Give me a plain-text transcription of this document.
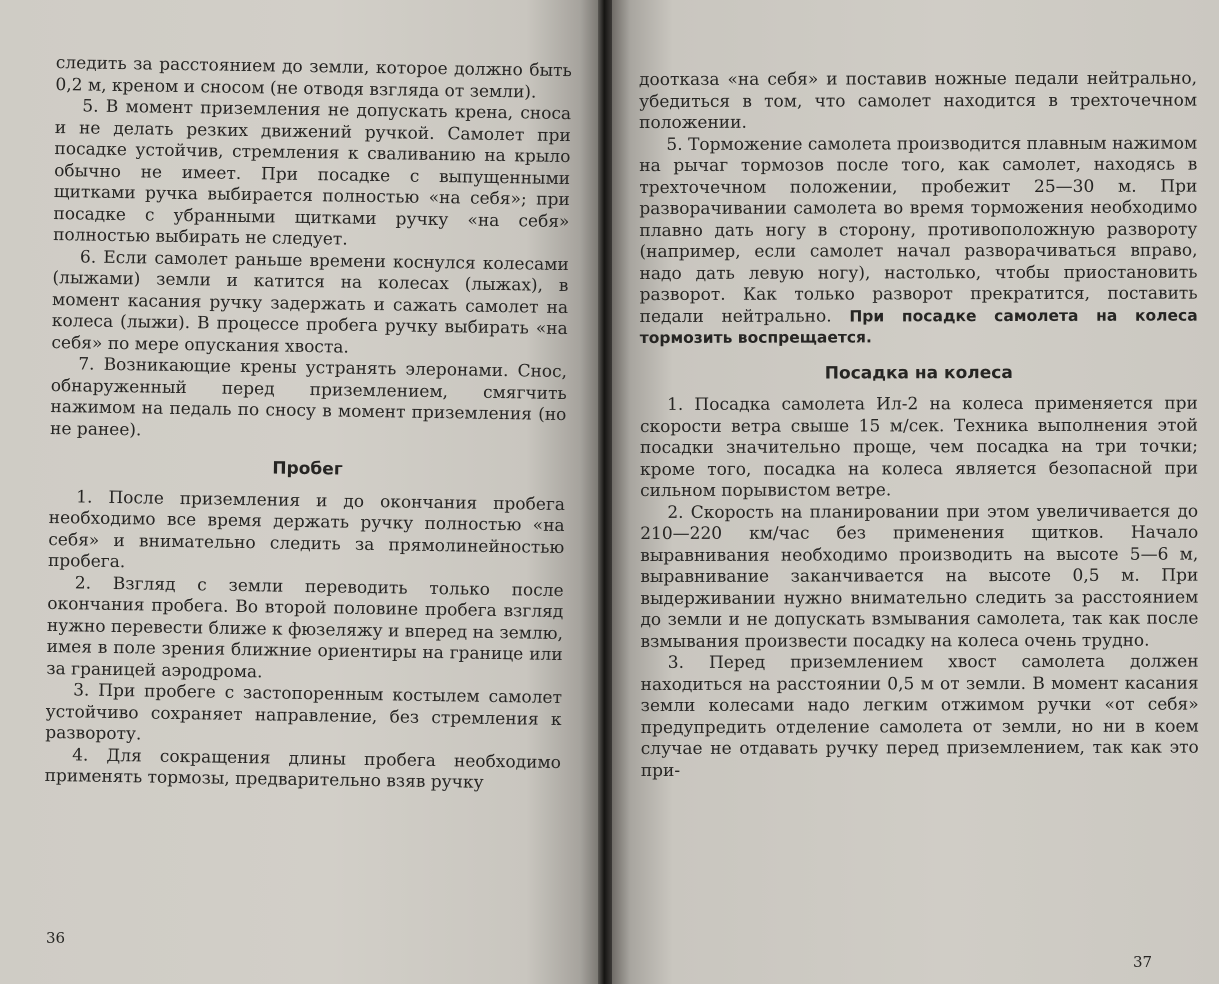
следить за расстоянием до земли, которое должно быть 0,2 м, креном и сносом (не отводя взгляда от земли).

5. В момент приземления не допускать крена, сноса и не делать резких движений ручкой. Самолет при посадке устойчив, стремления к сваливанию на крыло обычно не имеет. При посадке с выпущенными щитками ручка выбирается полностью «на себя»; при посадке с убранными щитками ручку «на себя» полностью выбирать не следует.

6. Если самолет раньше времени коснулся колесами (лыжами) земли и катится на колесах (лыжах), в момент касания ручку задержать и сажать самолет на колеса (лыжи). В процессе пробега ручку выбирать «на себя» по мере опускания хвоста.

7. Возникающие крены устранять элеронами. Снос, обнаруженный перед приземлением, смягчить нажимом на педаль по сносу в момент приземления (но не ранее).

Пробег

1. После приземления и до окончания пробега необходимо все время держать ручку полностью «на себя» и внимательно следить за прямолинейностью пробега.

2. Взгляд с земли переводить только после окончания пробега. Во второй половине пробега взгляд нужно перевести ближе к фюзеляжу и вперед на землю, имея в поле зрения ближние ориентиры на границе или за границей аэродрома.

3. При пробеге с застопоренным костылем самолет устойчиво сохраняет направление, без стремления к развороту.

4. Для сокращения длины пробега необходимо применять тормозы, предварительно взяв ручку

36

доотказа «на себя» и поставив ножные педали нейтрально, убедиться в том, что самолет находится в трехточечном положении.

5. Торможение самолета производится плавным нажимом на рычаг тормозов после того, как самолет, находясь в трехточечном положении, пробежит 25—30 м. При разворачивании самолета во время торможения необходимо плавно дать ногу в сторону, противоположную развороту (например, если самолет начал разворачиваться вправо, надо дать левую ногу), настолько, чтобы приостановить разворот. Как только разворот прекратится, поставить педали нейтрально. При посадке самолета на колеса тормозить воспрещается.

Посадка на колеса

1. Посадка самолета Ил-2 на колеса применяется при скорости ветра свыше 15 м/сек. Техника выполнения этой посадки значительно проще, чем посадка на три точки; кроме того, посадка на колеса является безопасной при сильном порывистом ветре.

2. Скорость на планировании при этом увеличивается до 210—220 км/час без применения щитков. Начало выравнивания необходимо производить на высоте 5—6 м, выравнивание заканчивается на высоте 0,5 м. При выдерживании нужно внимательно следить за расстоянием до земли и не допускать взмывания самолета, так как после взмывания произвести посадку на колеса очень трудно.

3. Перед приземлением хвост самолета должен находиться на расстоянии 0,5 м от земли. В момент касания земли колесами надо легким отжимом ручки «от себя» предупредить отделение самолета от земли, но ни в коем случае не отдавать ручку перед приземлением, так как это при-

37
